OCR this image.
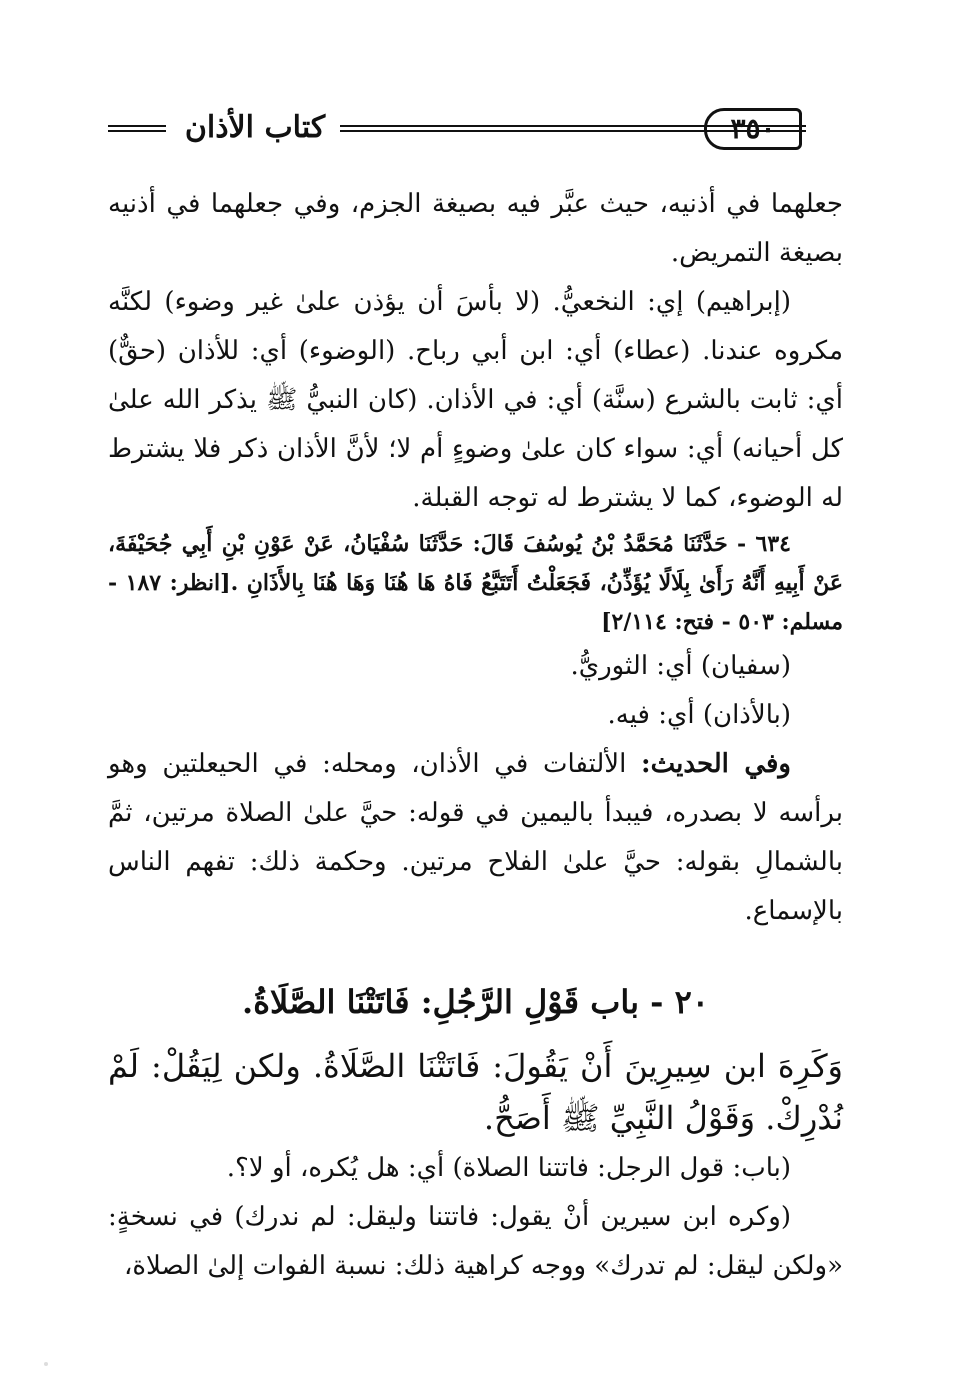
كتاب الأذان	٣٥٠

جعلهما في أذنيه، حيث عبَّر فيه بصيغة الجزم، وفي جعلهما في أذنيه بصيغة التمريض.

(إبراهيم) إي: النخعيُّ. (لا بأسَ أن يؤذن علىٰ غير وضوء) لكنَّه مكروه عندنا. (عطاء) أي: ابن أبي رباح. (الوضوء) أي: للأذان (حقٌّ) أي: ثابت بالشرع (سنَّة) أي: في الأذان. (كان النبيُّ ﷺ يذكر الله علىٰ كل أحيانه) أي: سواء كان علىٰ وضوءٍ أم لا؛ لأنَّ الأذان ذكر فلا يشترط له الوضوء، كما لا يشترط له توجه القبلة.

٦٣٤ - حَدَّثَنَا مُحَمَّدُ بْنُ يُوسُفَ قَالَ: حَدَّثَنَا سُفْيَانُ، عَنْ عَوْنِ بْنِ أَبِي جُحَيْفَةَ، عَنْ أَبِيهِ أَنَّهُ رَأَىٰ بِلَالًا يُؤَذِّنُ، فَجَعَلْتُ أَتَتَبَّعُ فَاهُ هَا هُنَا وَهَا هُنَا بِالأَذَانِ .[انظر: ١٨٧ - مسلم: ٥٠٣ - فتح: ٢/١١٤]

(سفيان) أي: الثوريُّ.

(بالأذان) أي: فيه.

وفي الحديث: الألتفات في الأذان، ومحله: في الحيعلتين وهو برأسه لا بصدره، فيبدأ باليمين في قوله: حيَّ علىٰ الصلاة مرتين، ثمَّ بالشمالِ بقوله: حيَّ علىٰ الفلاح مرتين. وحكمة ذلك: تفهم الناس بالإسماع.

٢٠ - باب قَوْلِ الرَّجُلِ: فَاتَتْنَا الصَّلَاةُ.
وَكَرِهَ ابن سِيرِينَ أَنْ يَقُولَ: فَاتَتْنَا الصَّلَاةُ. ولكن لِيَقُلْ: لَمْ نُدْرِكْ. وَقَوْلُ النَّبِيِّ ﷺ أَصَحُّ.

(باب: قول الرجل: فاتتنا الصلاة) أي: هل يُكره، أو لا؟.

(وكره ابن سيرين أنْ يقول: فاتتنا وليقل: لم ندرك) في نسخةٍ: «ولكن ليقل: لم تدرك» ووجه كراهية ذلك: نسبة الفوات إلىٰ الصلاة،
